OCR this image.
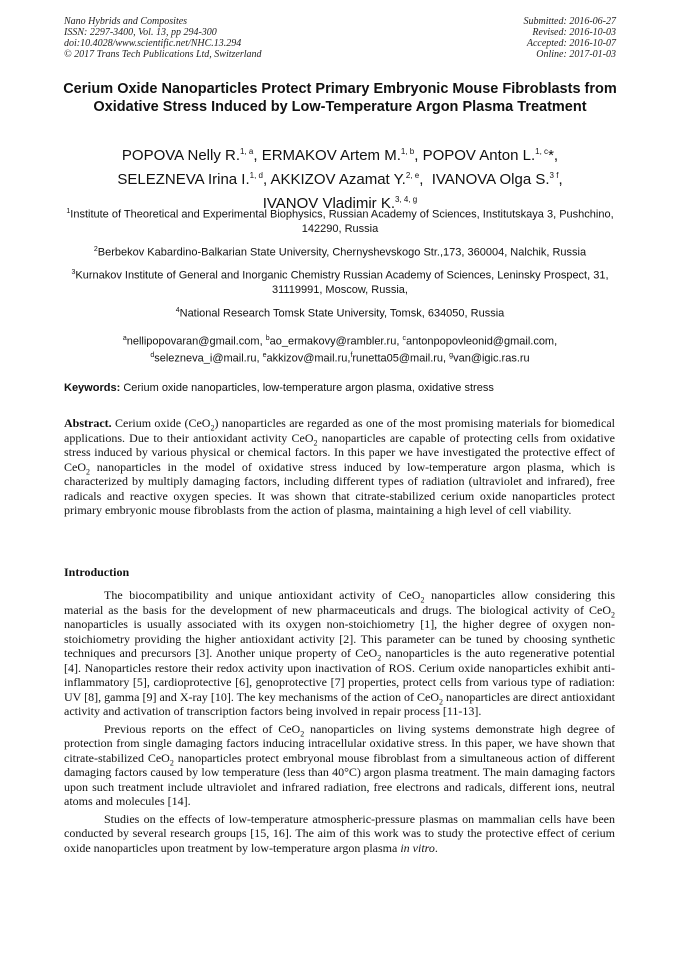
Nano Hybrids and Composites
ISSN: 2297-3400, Vol. 13, pp 294-300
doi:10.4028/www.scientific.net/NHC.13.294
© 2017 Trans Tech Publications Ltd, Switzerland
Submitted: 2016-06-27
Revised: 2016-10-03
Accepted: 2016-10-07
Online: 2017-01-03
Cerium Oxide Nanoparticles Protect Primary Embryonic Mouse Fibroblasts from Oxidative Stress Induced by Low-Temperature Argon Plasma Treatment
POPOVA Nelly R.$^{1, a}$, ERMAKOV Artem M.$^{1, b}$, POPOV Anton L.$^{1, c}$*,
SELEZNEVA Irina I.$^{1, d}$, AKKIZOV Azamat Y.$^{2, e}$,  IVANOVA Olga S.$^{3 f}$,
IVANOV Vladimir K.$^{3, 4, g}$
$^1$Institute of Theoretical and Experimental Biophysics, Russian Academy of Sciences, Institutskaya 3, Pushchino, 142290, Russia
$^2$Berbekov Kabardino-Balkarian State University, Chernyshevskogo Str.,173, 360004, Nalchik, Russia
$^3$Kurnakov Institute of General and Inorganic Chemistry Russian Academy of Sciences, Leninsky Prospect, 31, 31119991, Moscow, Russia,
$^4$National Research Tomsk State University, Tomsk, 634050, Russia
$^a$nellipopovaran@gmail.com, $^b$ao_ermakovy@rambler.ru, $^c$antonpopovleonid@gmail.com,
$^d$selezneva_i@mail.ru, $^e$akkizov@mail.ru,$^f$runetta05@mail.ru, $^g$van@igic.ras.ru
Keywords: Cerium oxide nanoparticles, low-temperature argon plasma, oxidative stress
Abstract. Cerium oxide (CeO$_2$) nanoparticles are regarded as one of the most promising materials for biomedical applications. Due to their antioxidant activity CeO$_2$ nanoparticles are capable of protecting cells from oxidative stress induced by various physical or chemical factors. In this paper we have investigated the protective effect of CeO$_2$ nanoparticles in the model of oxidative stress induced by low-temperature argon plasma, which is characterized by multiply damaging factors, including different types of radiation (ultraviolet and infrared), free radicals and reactive oxygen species. It was shown that citrate-stabilized cerium oxide nanoparticles protect primary embryonic mouse fibroblasts from the action of plasma, maintaining a high level of cell viability.
Introduction

The biocompatibility and unique antioxidant activity of CeO$_2$ nanoparticles allow considering this material as the basis for the development of new pharmaceuticals and drugs. The biological activity of CeO$_2$ nanoparticles is usually associated with its oxygen non-stoichiometry [1], the higher degree of oxygen non-stoichiometry providing the higher antioxidant activity [2]. This parameter can be tuned by choosing synthetic techniques and precursors [3]. Another unique property of CeO$_2$ nanoparticles is the auto regenerative potential [4]. Nanoparticles restore their redox activity upon inactivation of ROS. Cerium oxide nanoparticles exhibit anti-inflammatory [5], cardioprotective [6], genoprotective [7] properties, protect cells from various type of radiation: UV [8], gamma [9] and X-ray [10]. The key mechanisms of the action of CeO$_2$ nanoparticles are direct antioxidant activity and activation of transcription factors being involved in repair process [11-13].

Previous reports on the effect of CeO$_2$ nanoparticles on living systems demonstrate high degree of protection from single damaging factors inducing intracellular oxidative stress. In this paper, we have shown that citrate-stabilized CeO$_2$ nanoparticles protect embryonal mouse fibroblast from a simultaneous action of different damaging factors caused by low temperature (less than 40°C) argon plasma treatment. The main damaging factors upon such treatment include ultraviolet and infrared radiation, free electrons and radicals, different ions, neutral atoms and molecules [14].

Studies on the effects of low-temperature atmospheric-pressure plasmas on mammalian cells have been conducted by several research groups [15, 16]. The aim of this work was to study the protective effect of cerium oxide nanoparticles upon treatment by low-temperature argon plasma in vitro.
